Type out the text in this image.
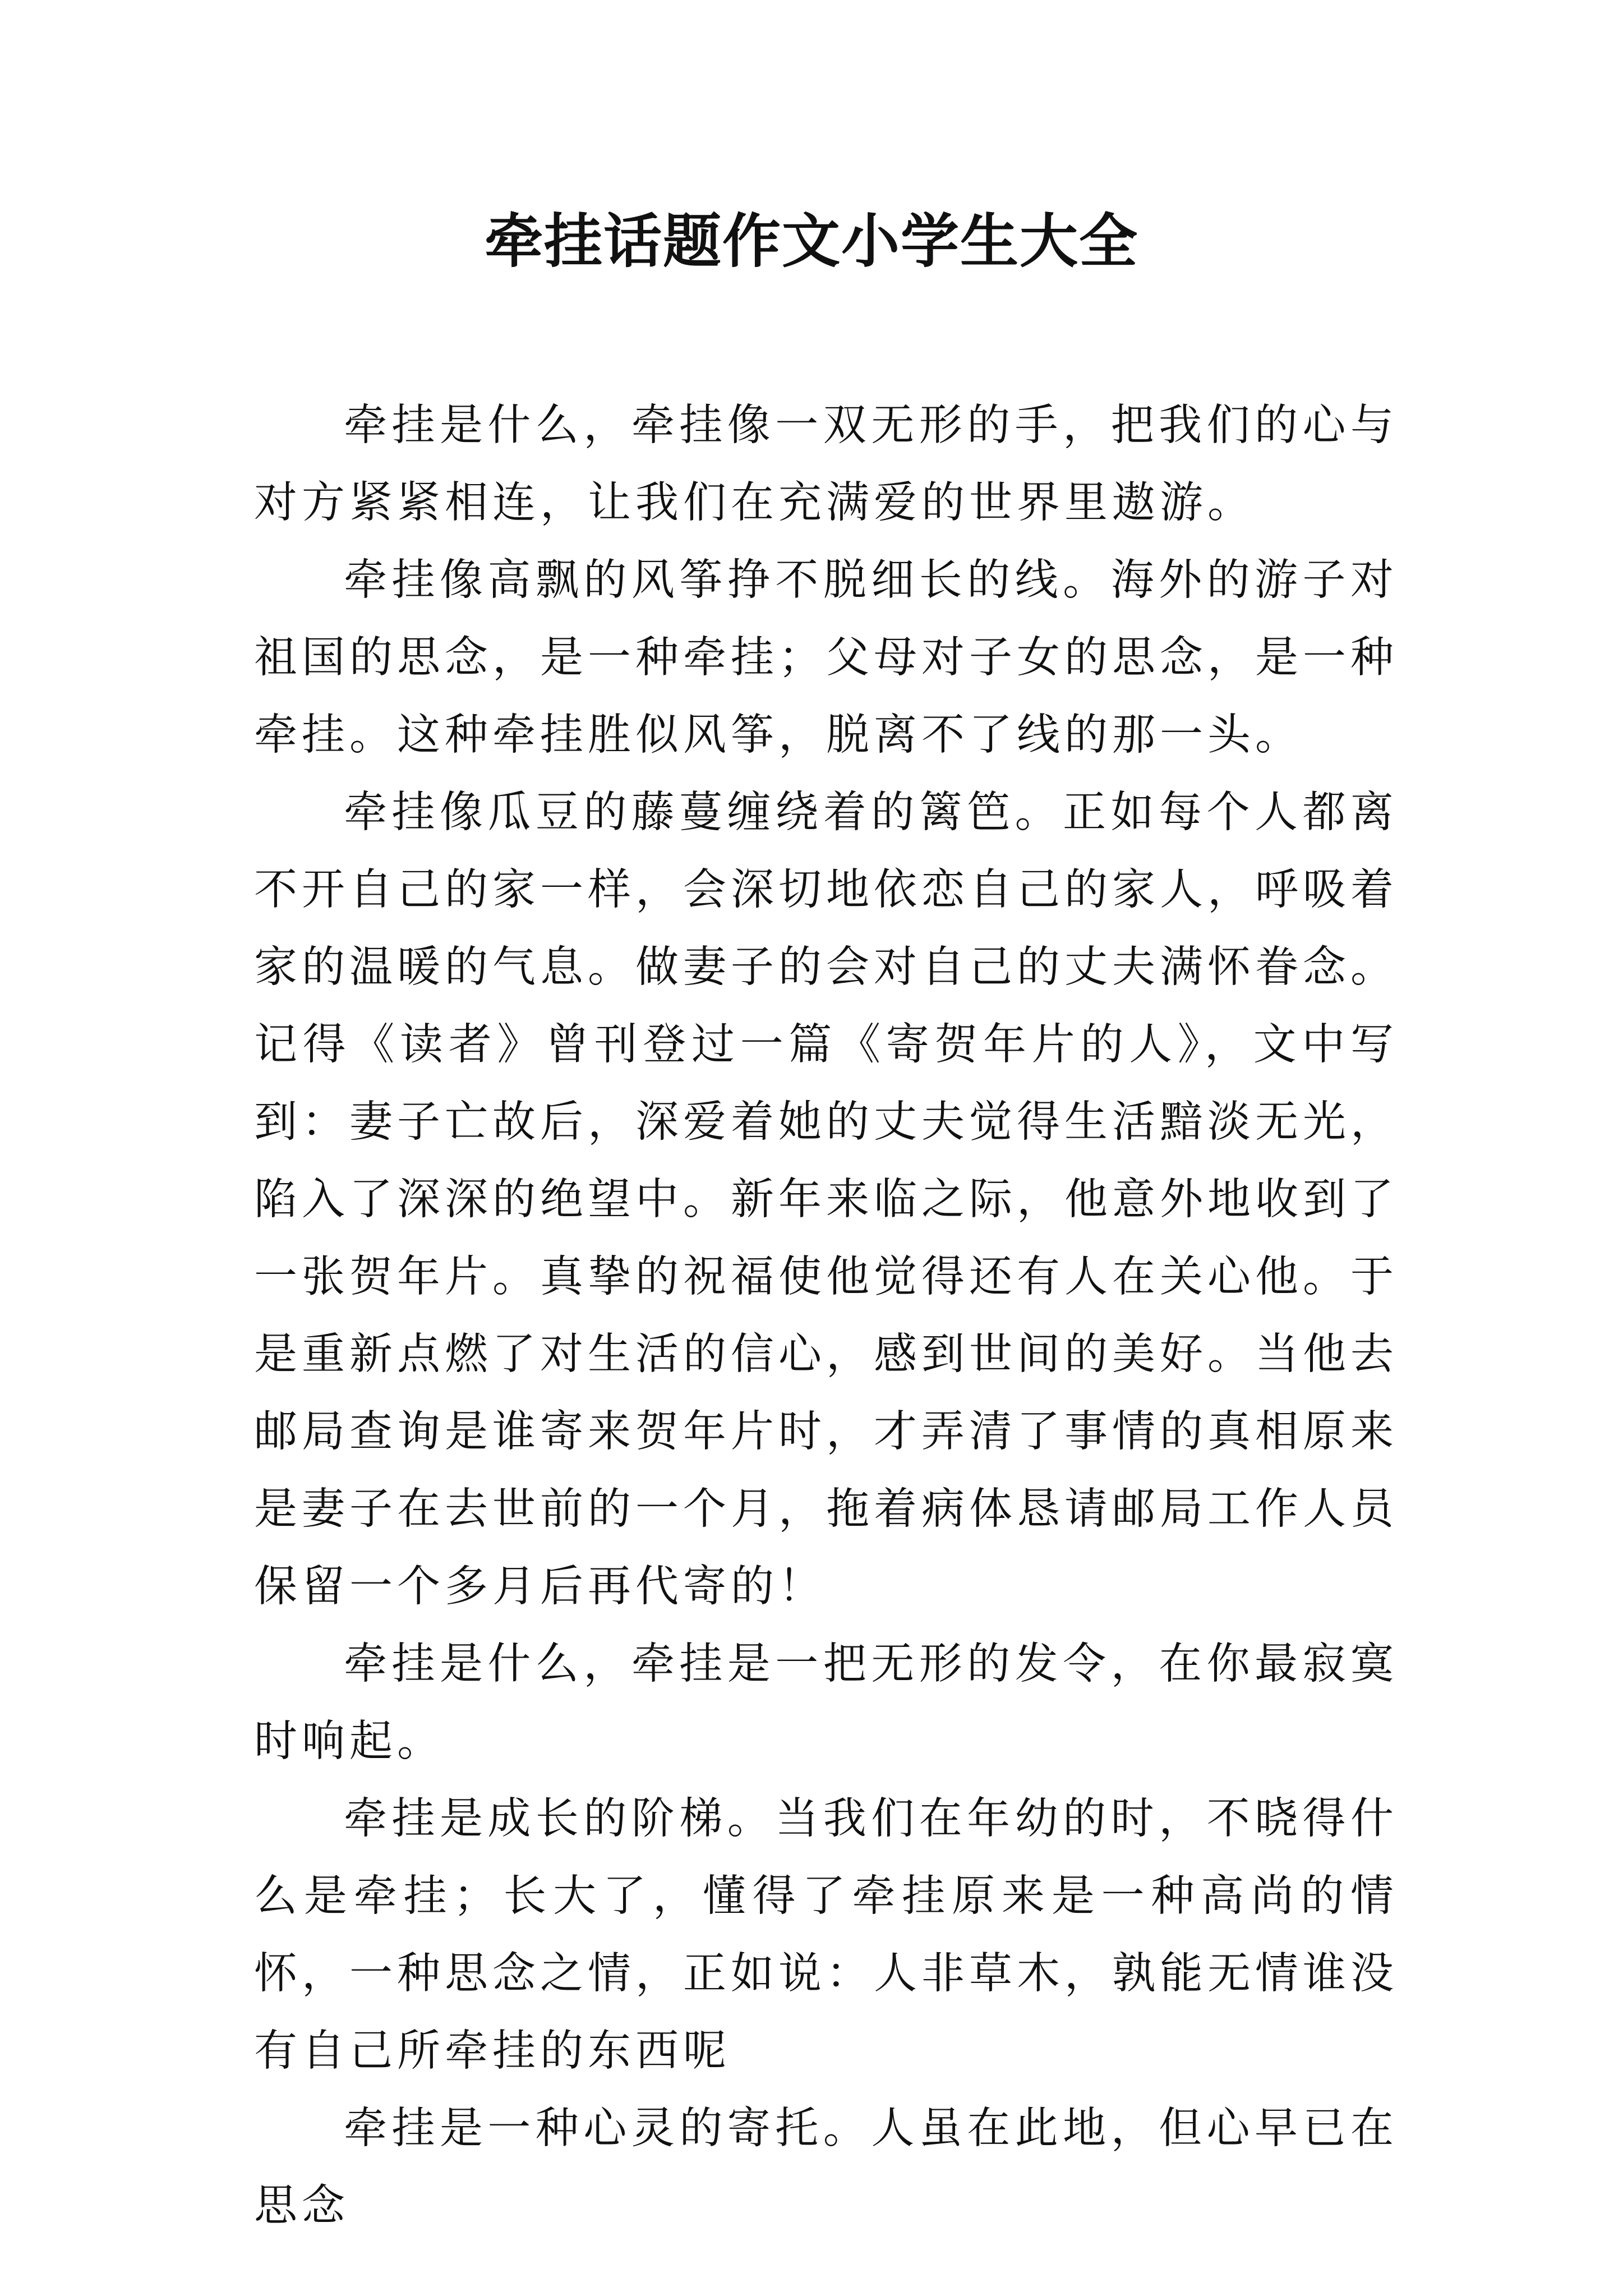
牵挂话题作文小学生大全

牵挂是什么，牵挂像一双无形的手，把我们的心与对方紧紧相连，让我们在充满爱的世界里遨游。

牵挂像高飘的风筝挣不脱细长的线。海外的游子对祖国的思念，是一种牵挂；父母对子女的思念，是一种牵挂。这种牵挂胜似风筝，脱离不了线的那一头。

牵挂像瓜豆的藤蔓缠绕着的篱笆。正如每个人都离不开自己的家一样，会深切地依恋自己的家人，呼吸着家的温暖的气息。做妻子的会对自己的丈夫满怀眷念。记得《读者》曾刊登过一篇《寄贺年片的人》，文中写到：妻子亡故后，深爱着她的丈夫觉得生活黯淡无光，陷入了深深的绝望中。新年来临之际，他意外地收到了一张贺年片。真挚的祝福使他觉得还有人在关心他。于是重新点燃了对生活的信心，感到世间的美好。当他去邮局查询是谁寄来贺年片时，才弄清了事情的真相原来是妻子在去世前的一个月，拖着病体恳请邮局工作人员保留一个多月后再代寄的！

牵挂是什么，牵挂是一把无形的发令，在你最寂寞时响起。

牵挂是成长的阶梯。当我们在年幼的时，不晓得什么是牵挂；长大了，懂得了牵挂原来是一种高尚的情怀，一种思念之情，正如说：人非草木，孰能无情谁没有自己所牵挂的东西呢

牵挂是一种心灵的寄托。人虽在此地，但心早已在思念
